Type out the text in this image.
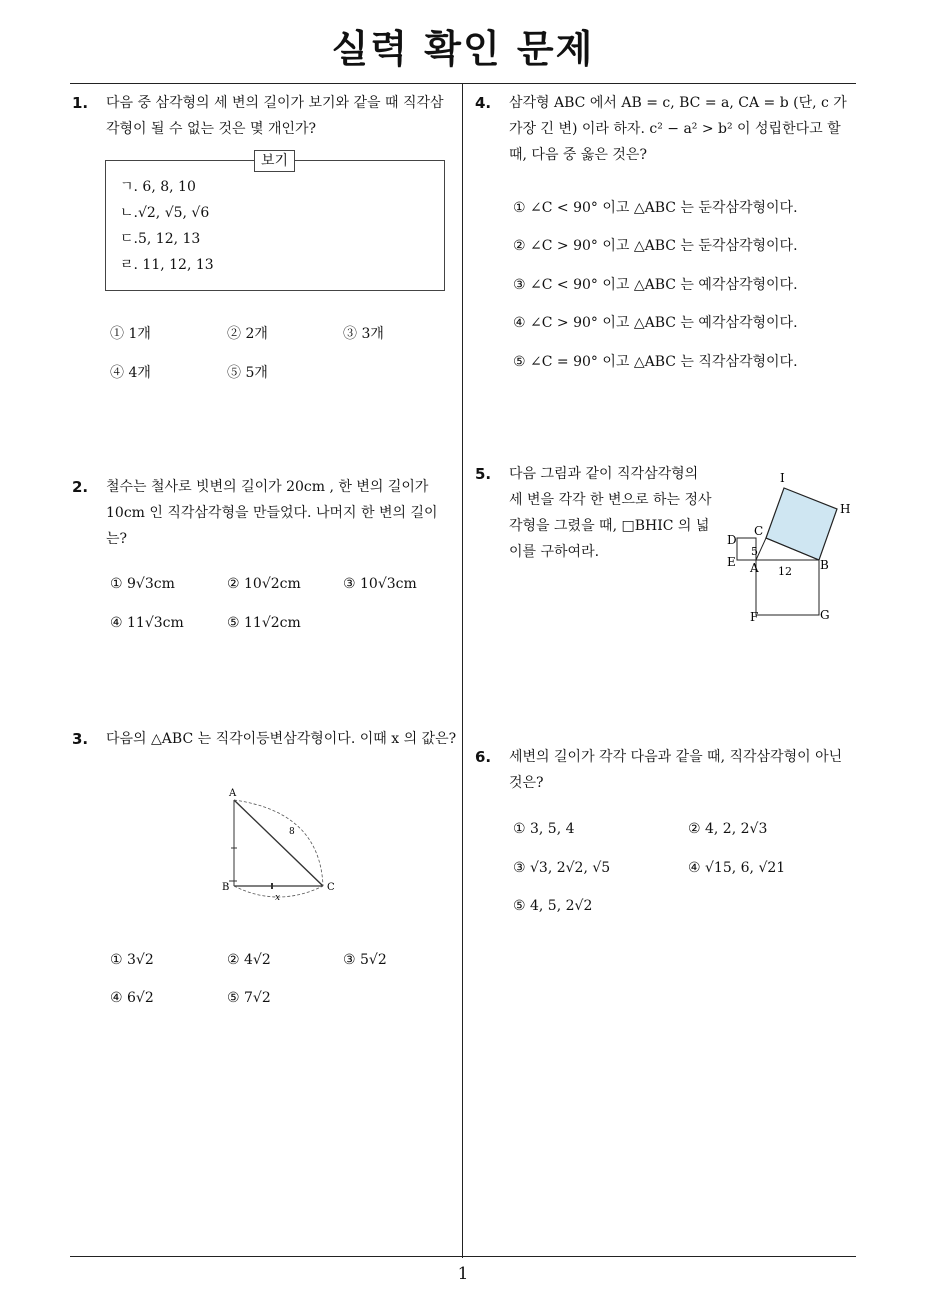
실력 확인 문제
1
1. 다음 중 삼각형의 세 변의 길이가 보기와 같을 때 직각삼각형이 될 수 없는 것은 몇 개인가?
보기
ㄱ. 6, 8, 10
ㄴ.√2, √5, √6
ㄷ.5, 12, 13
ㄹ. 11, 12, 13
① 1개	② 2개	③ 3개
④ 4개	⑤ 5개
2. 철수는 철사로 빗변의 길이가 20cm , 한 변의 길이가 10cm 인 직각삼각형을 만들었다. 나머지 한 변의 길이는?
① 9√3cm	② 10√2cm	③ 10√3cm
④ 11√3cm	⑤ 11√2cm
3. 다음의 △ABC 는 직각이등변삼각형이다. 이때 x 의 값은?
A
B	C
8
x
① 3√2	② 4√2	③ 5√2
④ 6√2	⑤ 7√2
4. 삼각형 ABC 에서 AB = c, BC = a, CA = b (단, c 가 가장 긴 변) 이라 하자. c² − a² > b² 이 성립한다고 할 때, 다음 중 옳은 것은?
① ∠C < 90° 이고 △ABC 는 둔각삼각형이다.
② ∠C > 90° 이고 △ABC 는 둔각삼각형이다.
③ ∠C < 90° 이고 △ABC 는 예각삼각형이다.
④ ∠C > 90° 이고 △ABC 는 예각삼각형이다.
⑤ ∠C = 90° 이고 △ABC 는 직각삼각형이다.
5. 다음 그림과 같이 직각삼각형의 세 변을 각각 한 변으로 하는 정사각형을 그렸을 때, □BHIC 의 넓이를 구하여라.
I
H
C
D
E A	B
F	G
5
12
6. 세변의 길이가 각각 다음과 같을 때, 직각삼각형이 아닌 것은?
① 3, 5, 4	② 4, 2, 2√3
③ √3, 2√2, √5	④ √15, 6, √21
⑤ 4, 5, 2√2
